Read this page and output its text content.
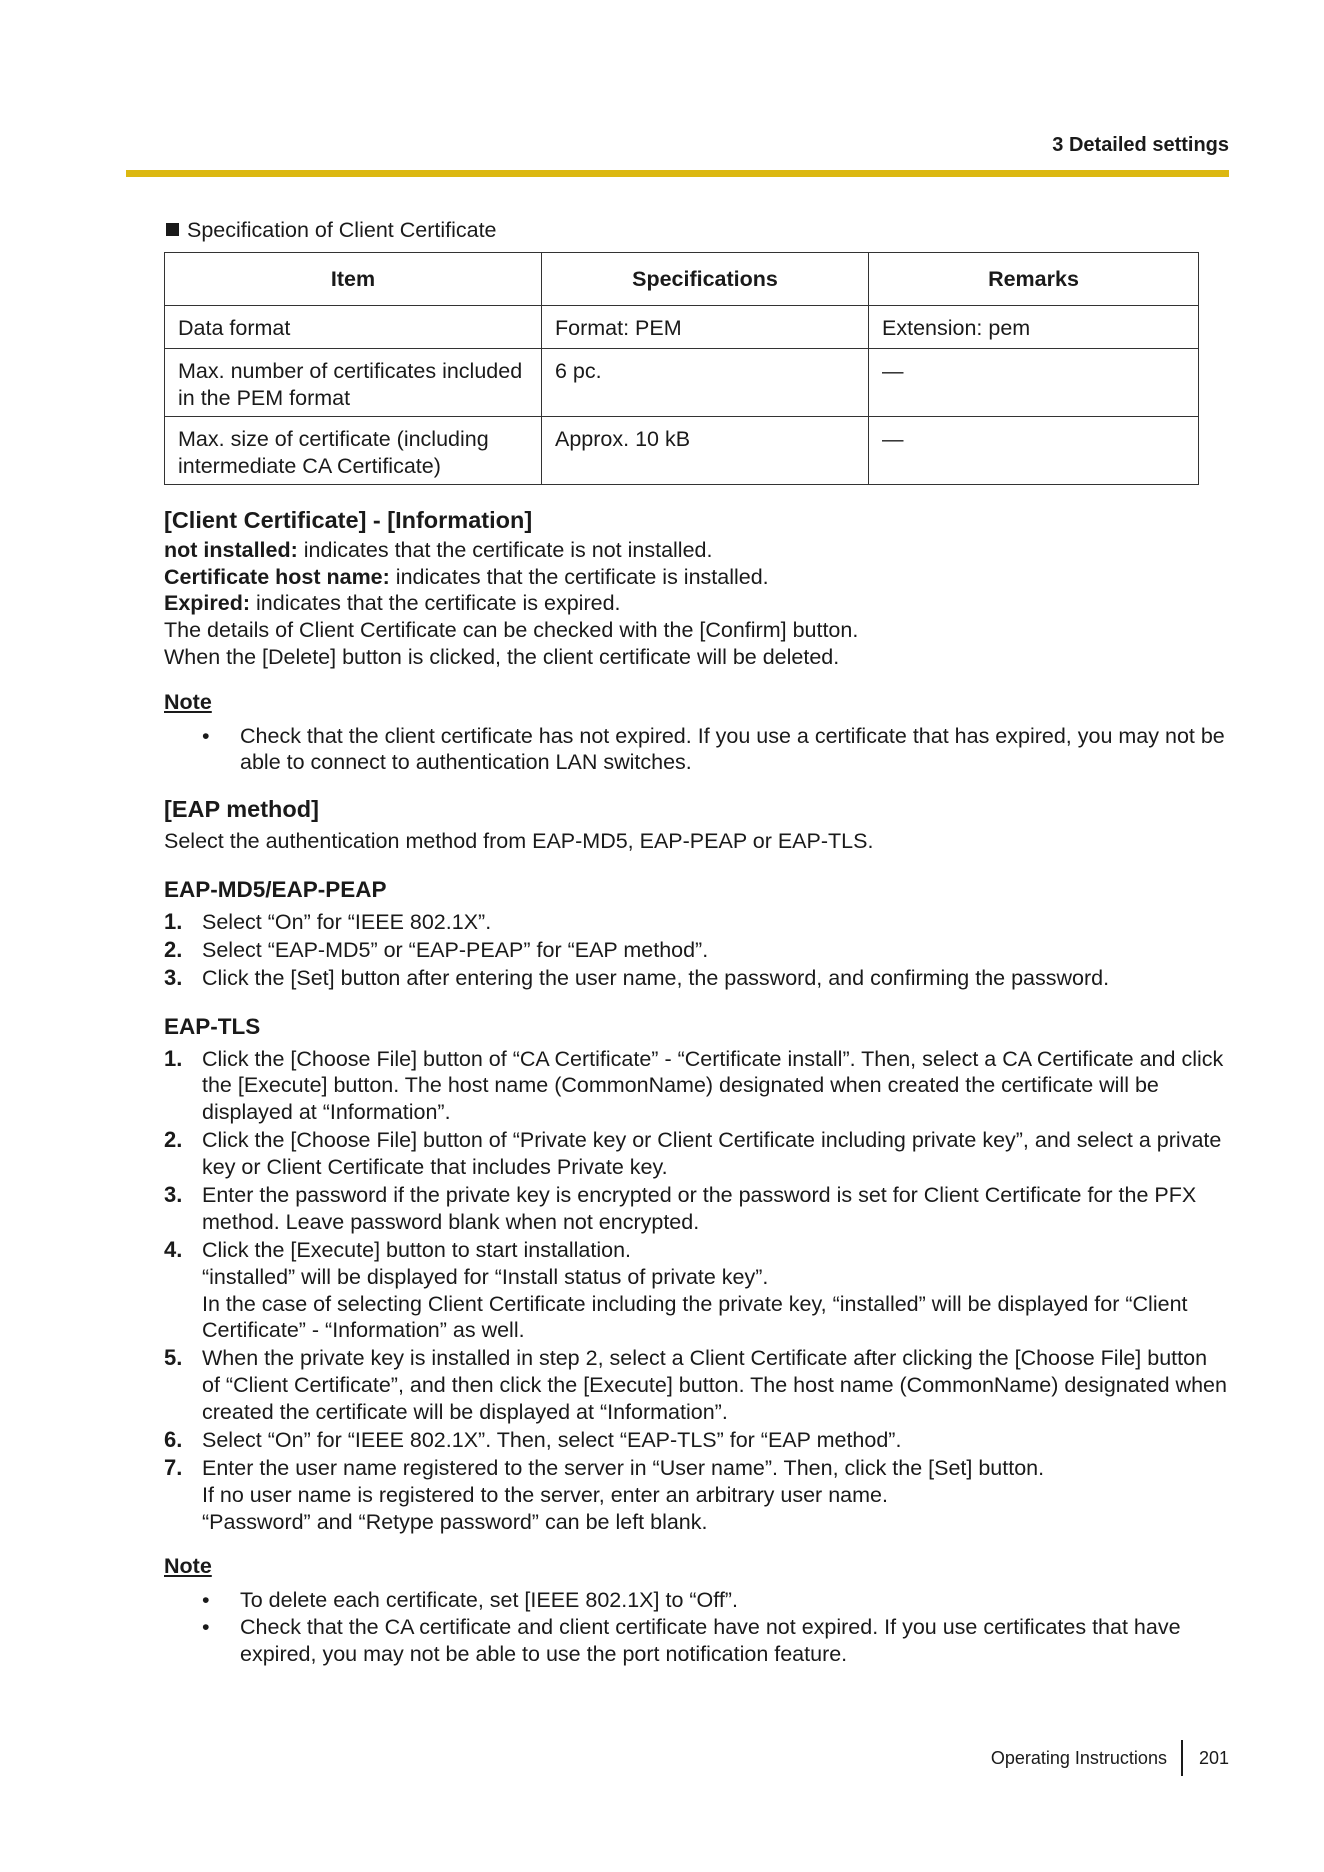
3 Detailed settings
Specification of Client Certificate
Item	Specifications	Remarks
Data format	Format: PEM	Extension: pem
Max. number of certificates included in the PEM format	6 pc.	—
Max. size of certificate (including intermediate CA Certificate)	Approx. 10 kB	—
[Client Certificate] - [Information]

not installed: indicates that the certificate is not installed.

Certificate host name: indicates that the certificate is installed.

Expired: indicates that the certificate is expired.

The details of Client Certificate can be checked with the [Confirm] button.

When the [Delete] button is clicked, the client certificate will be deleted.

Note
• Check that the client certificate has not expired. If you use a certificate that has expired, you may not be able to connect to authentication LAN switches.
[EAP method]

Select the authentication method from EAP-MD5, EAP-PEAP or EAP-TLS.

EAP-MD5/EAP-PEAP
1. Select “On” for “IEEE 802.1X”.
2. Select “EAP-MD5” or “EAP-PEAP” for “EAP method”.
3. Click the [Set] button after entering the user name, the password, and confirming the password.
EAP-TLS
1. Click the [Choose File] button of “CA Certificate” - “Certificate install”. Then, select a CA Certificate and click the [Execute] button. The host name (CommonName) designated when created the certificate will be displayed at “Information”.
2. Click the [Choose File] button of “Private key or Client Certificate including private key”, and select a private key or Client Certificate that includes Private key.
3. Enter the password if the private key is encrypted or the password is set for Client Certificate for the PFX method. Leave password blank when not encrypted.
4. Click the [Execute] button to start installation.
“installed” will be displayed for “Install status of private key”.
In the case of selecting Client Certificate including the private key, “installed” will be displayed for “Client Certificate” - “Information” as well.
5. When the private key is installed in step 2, select a Client Certificate after clicking the [Choose File] button of “Client Certificate”, and then click the [Execute] button. The host name (CommonName) designated when created the certificate will be displayed at “Information”.
6. Select “On” for “IEEE 802.1X”. Then, select “EAP-TLS” for “EAP method”.
7. Enter the user name registered to the server in “User name”. Then, click the [Set] button.
If no user name is registered to the server, enter an arbitrary user name.
“Password” and “Retype password” can be left blank.
Note
• To delete each certificate, set [IEEE 802.1X] to “Off”.
• Check that the CA certificate and client certificate have not expired. If you use certificates that have expired, you may not be able to use the port notification feature.
Operating Instructions 201
